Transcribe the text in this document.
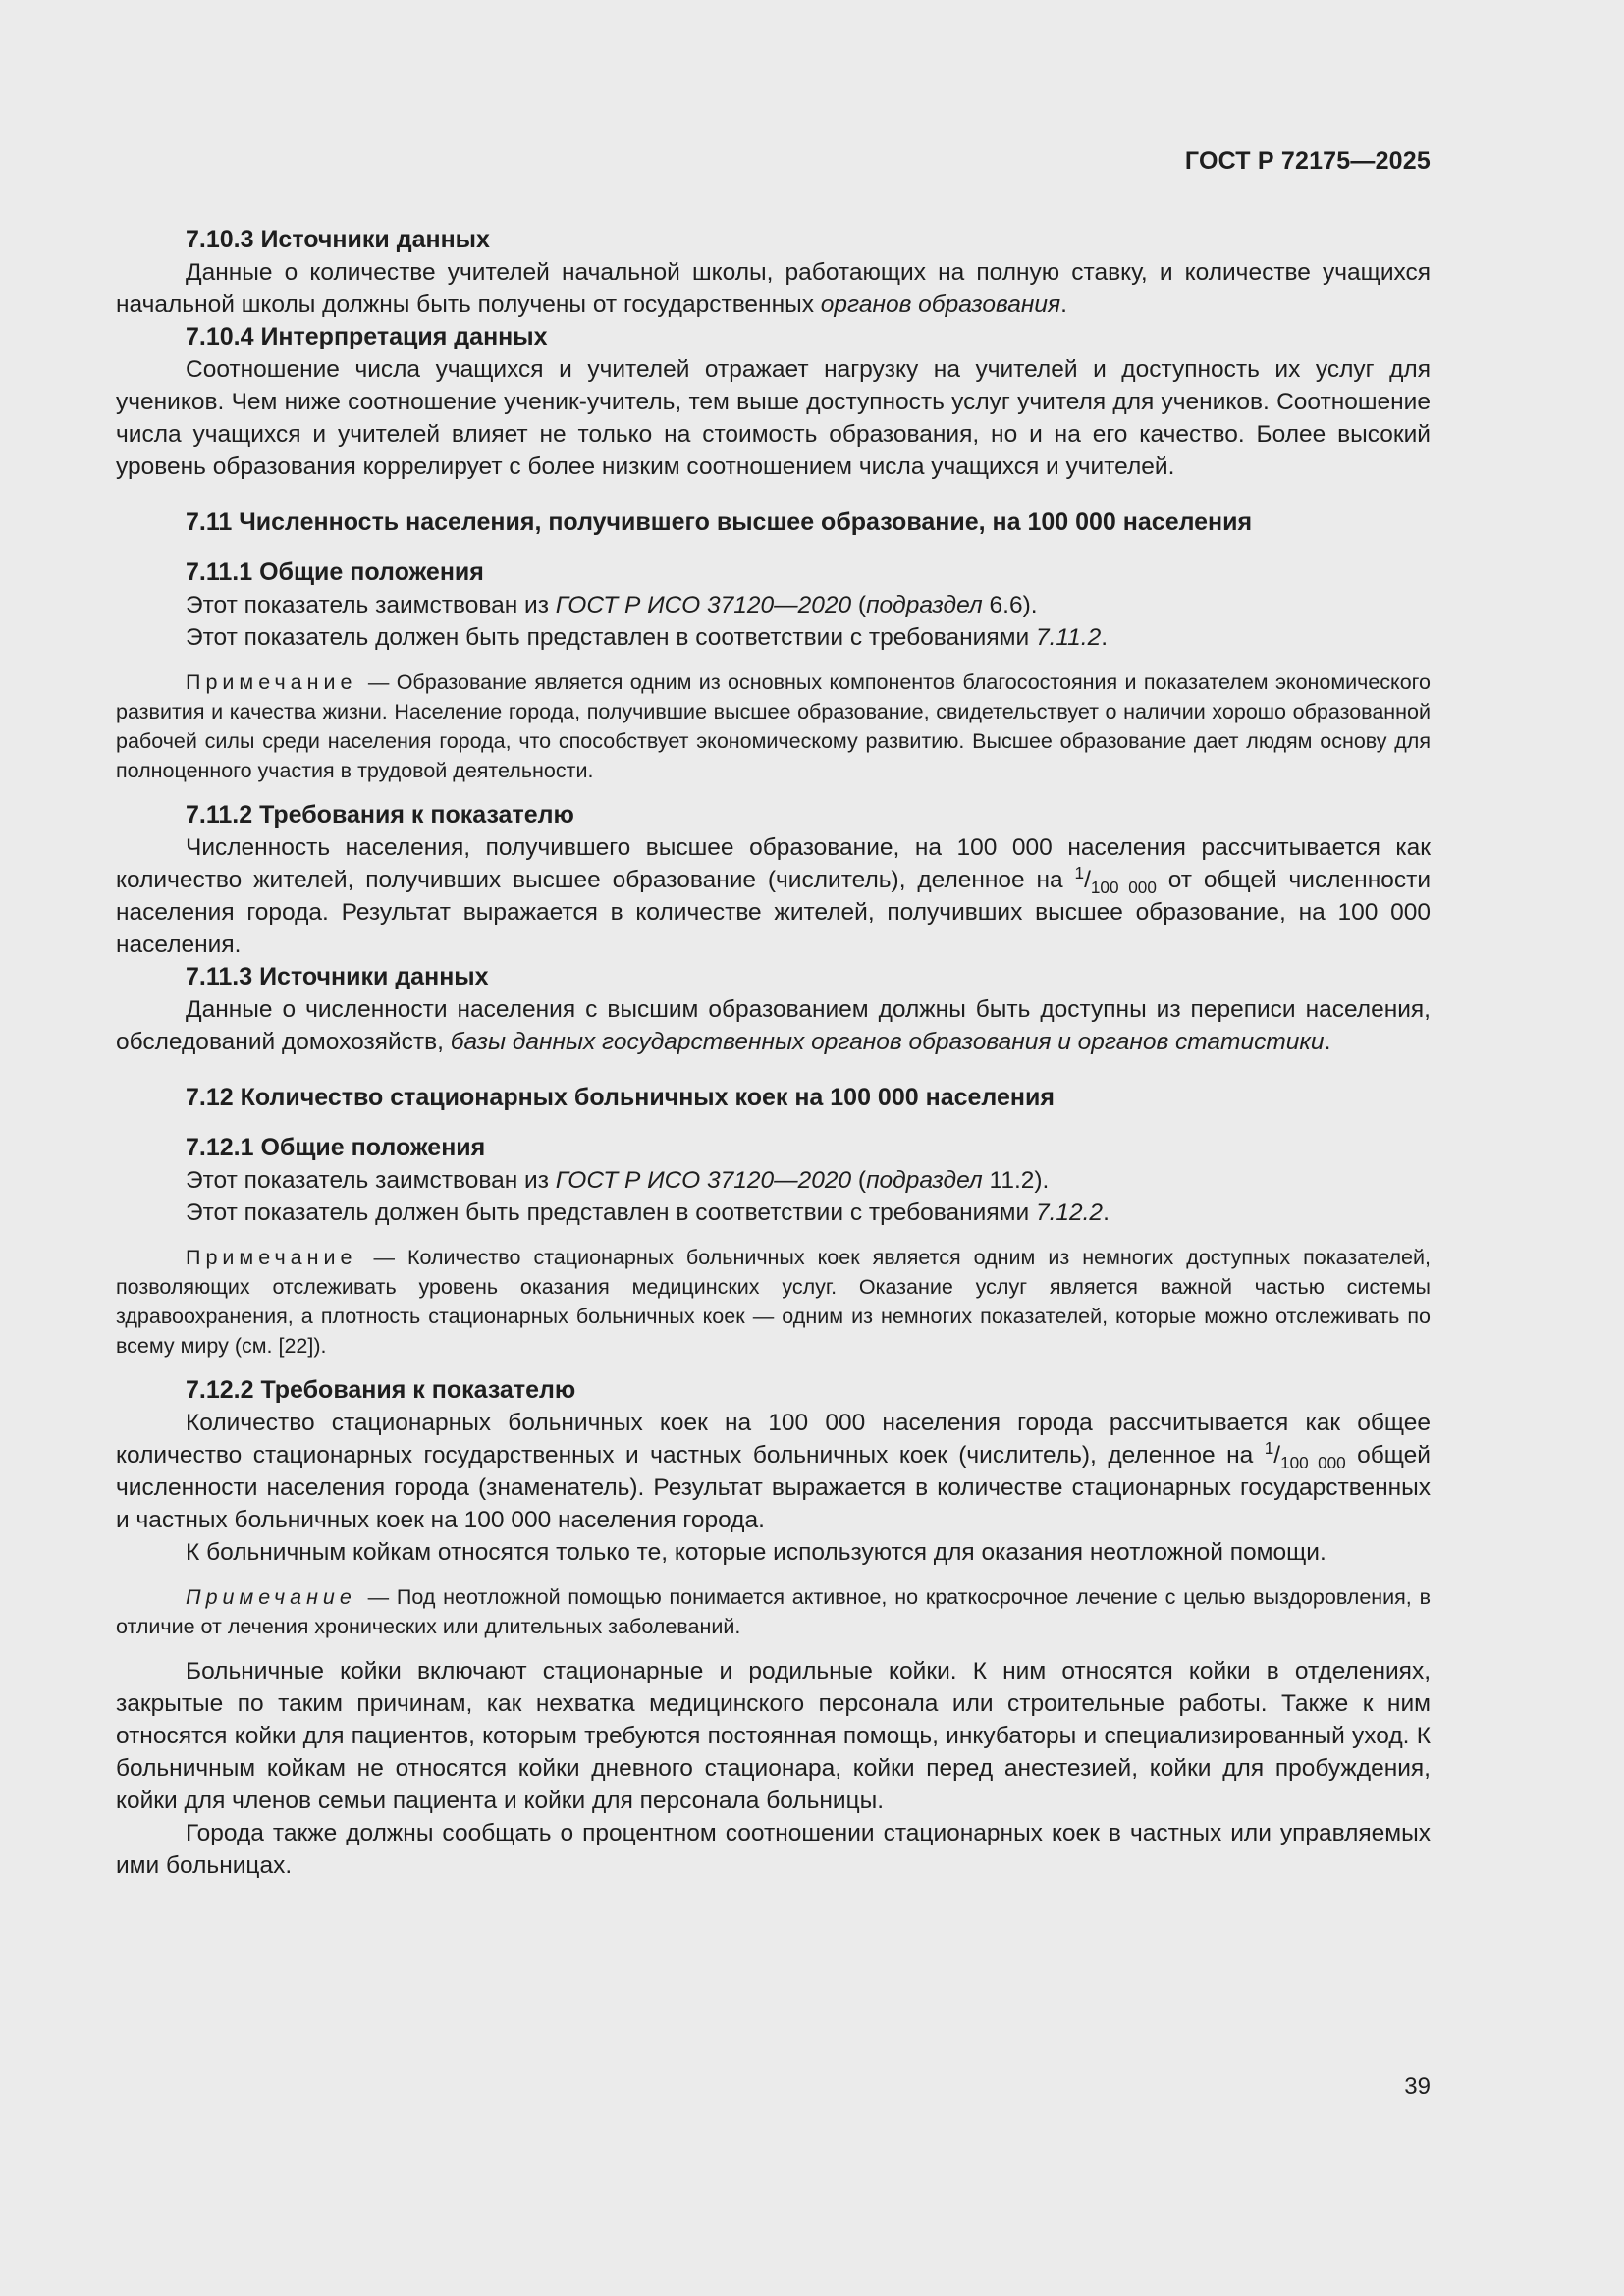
ГОСТ Р 72175—2025
7.10.3 Источники данных

Данные о количестве учителей начальной школы, работающих на полную ставку, и количестве учащихся начальной школы должны быть получены от государственных органов образования.

7.10.4 Интерпретация данных

Соотношение числа учащихся и учителей отражает нагрузку на учителей и доступность их услуг для учеников. Чем ниже соотношение ученик-учитель, тем выше доступность услуг учителя для учеников. Соотношение числа учащихся и учителей влияет не только на стоимость образования, но и на его качество. Более высокий уровень образования коррелирует с более низким соотношением числа учащихся и учителей.

7.11 Численность населения, получившего высшее образование, на 100 000 населения
7.11.1 Общие положения

Этот показатель заимствован из ГОСТ Р ИСО 37120—2020 (подраздел 6.6).

Этот показатель должен быть представлен в соответствии с требованиями 7.11.2.

Примечание — Образование является одним из основных компонентов благосостояния и показателем экономического развития и качества жизни. Население города, получившие высшее образование, свидетельствует о наличии хорошо образованной рабочей силы среди населения города, что способствует экономическому развитию. Высшее образование дает людям основу для полноценного участия в трудовой деятельности.

7.11.2 Требования к показателю

Численность населения, получившего высшее образование, на 100 000 населения рассчитывается как количество жителей, получивших высшее образование (числитель), деленное на $^1/_{100 000}$ от общей численности населения города. Результат выражается в количестве жителей, получивших высшее образование, на 100 000 населения.

7.11.3 Источники данных

Данные о численности населения с высшим образованием должны быть доступны из переписи населения, обследований домохозяйств, базы данных государственных органов образования и органов статистики.

7.12 Количество стационарных больничных коек на 100 000 населения
7.12.1 Общие положения

Этот показатель заимствован из ГОСТ Р ИСО 37120—2020 (подраздел 11.2).

Этот показатель должен быть представлен в соответствии с требованиями 7.12.2.

Примечание — Количество стационарных больничных коек является одним из немногих доступных показателей, позволяющих отслеживать уровень оказания медицинских услуг. Оказание услуг является важной частью системы здравоохранения, а плотность стационарных больничных коек — одним из немногих показателей, которые можно отслеживать по всему миру (см. [22]).

7.12.2 Требования к показателю

Количество стационарных больничных коек на 100 000 населения города рассчитывается как общее количество стационарных государственных и частных больничных коек (числитель), деленное на $^1/_{100 000}$ общей численности населения города (знаменатель). Результат выражается в количестве стационарных государственных и частных больничных коек на 100 000 населения города.

К больничным койкам относятся только те, которые используются для оказания неотложной помощи.

Примечание — Под неотложной помощью понимается активное, но краткосрочное лечение с целью выздоровления, в отличие от лечения хронических или длительных заболеваний.

Больничные койки включают стационарные и родильные койки. К ним относятся койки в отделениях, закрытые по таким причинам, как нехватка медицинского персонала или строительные работы. Также к ним относятся койки для пациентов, которым требуются постоянная помощь, инкубаторы и специализированный уход. К больничным койкам не относятся койки дневного стационара, койки перед анестезией, койки для пробуждения, койки для членов семьи пациента и койки для персонала больницы.

Города также должны сообщать о процентном соотношении стационарных коек в частных или управляемых ими больницах.

39
